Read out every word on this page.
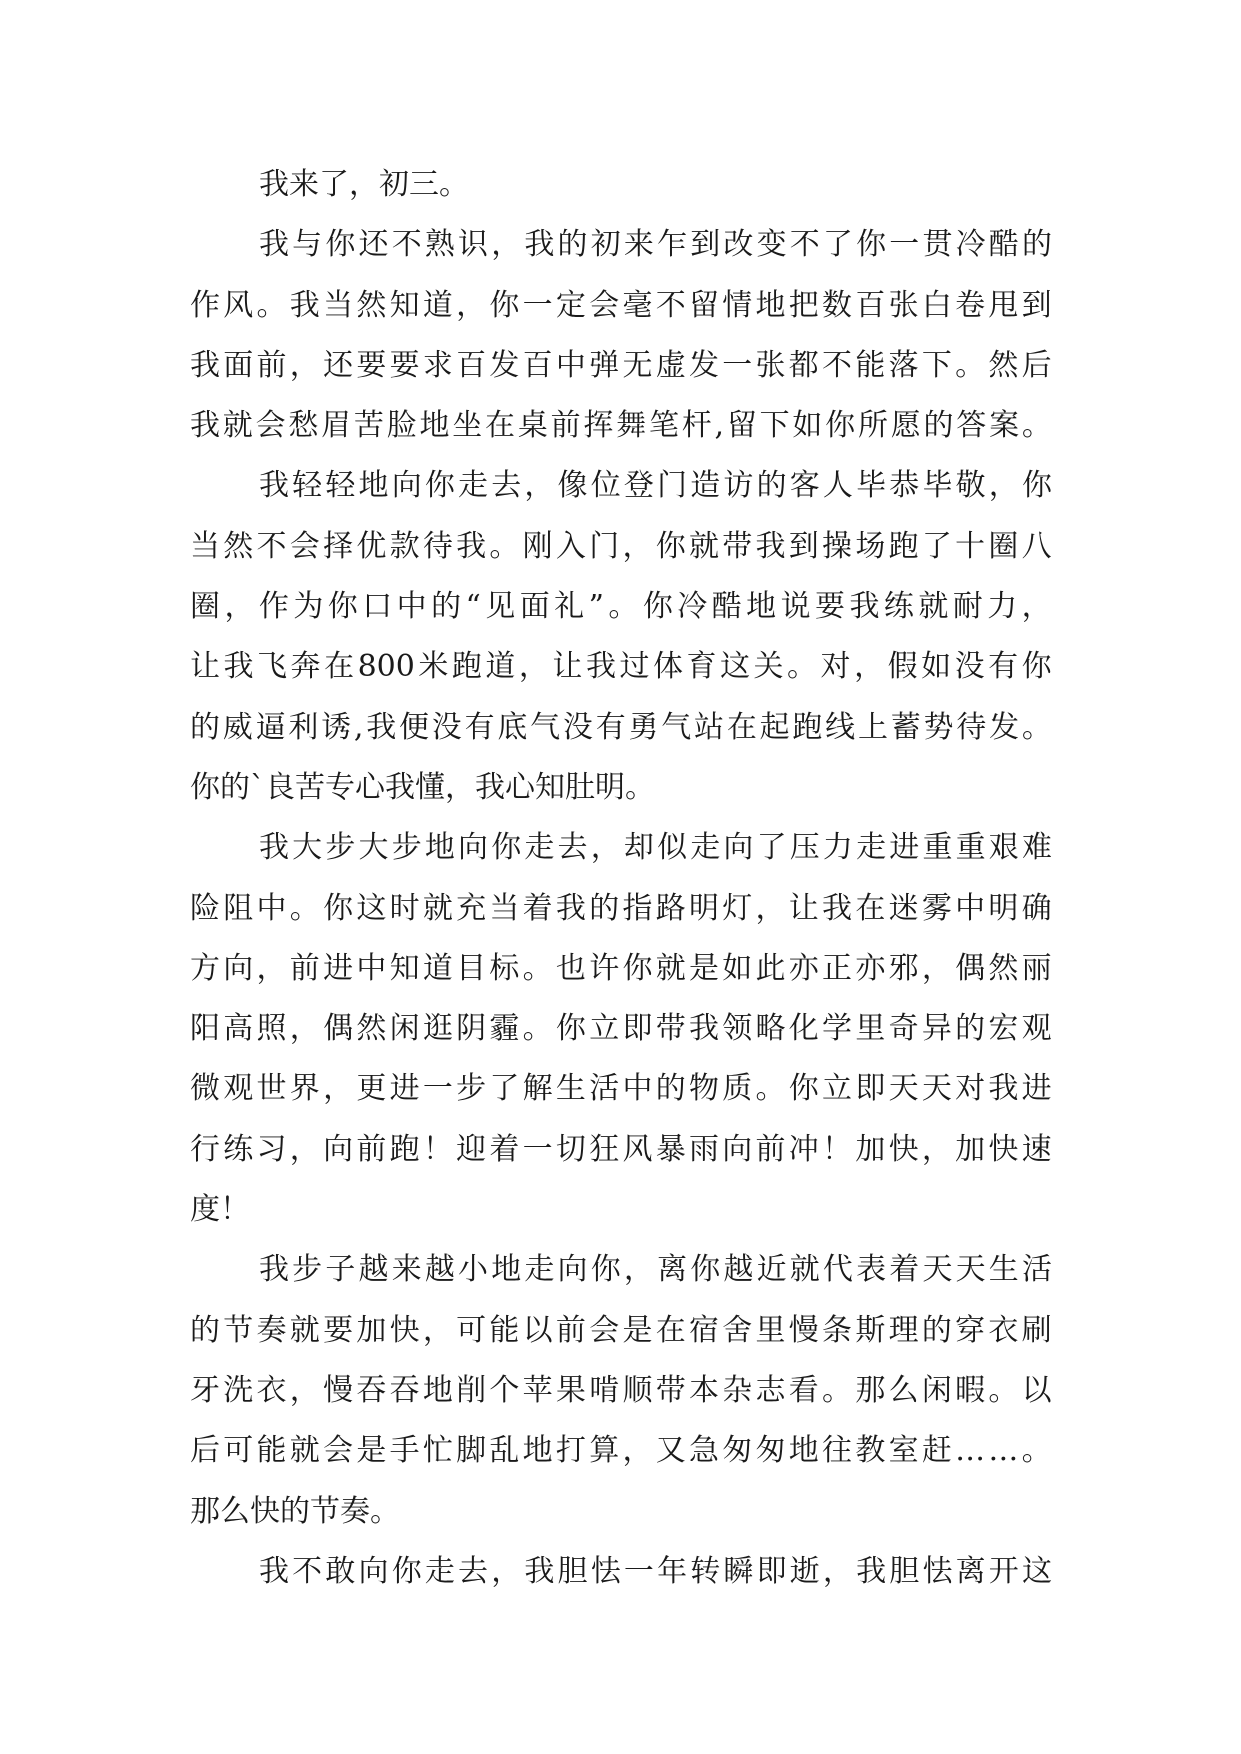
我来了，初三。
我 与 你 还 不 熟 识 ， 我 的 初 来 乍 到 改 变 不 了 你 一 贯 冷 酷 的
作 风 。 我 当 然 知 道 ， 你 一 定 会 毫 不 留 情 地 把 数 百 张 白 卷 甩 到
我 面 前 ， 还 要 要 求 百 发 百 中 弹 无 虚 发 一 张 都 不 能 落 下 。 然 后
我 就 会 愁 眉 苦 脸 地 坐 在 桌 前 挥 舞 笔 杆 , 留 下 如 你 所 愿 的 答 案 。
我 轻 轻 地 向 你 走 去 ， 像 位 登 门 造 访 的 客 人 毕 恭 毕 敬 ， 你
当 然 不 会 择 优 款 待 我 。 刚 入 门 ， 你 就 带 我 到 操 场 跑 了 十 圈 八
圈 ， 作 为 你 口 中 的 “ 见 面 礼 ” 。 你 冷 酷 地 说 要 我 练 就 耐 力 ，
让 我 飞 奔 在 800 米 跑 道 ， 让 我 过 体 育 这 关 。 对 ， 假 如 没 有 你
的 威 逼 利 诱 , 我 便 没 有 底 气 没 有 勇 气 站 在 起 跑 线 上 蓄 势 待 发 。
你的`良苦专心我懂，我心知肚明。
我 大 步 大 步 地 向 你 走 去 ， 却 似 走 向 了 压 力 走 进 重 重 艰 难
险 阻 中 。 你 这 时 就 充 当 着 我 的 指 路 明 灯 ， 让 我 在 迷 雾 中 明 确
方 向 ， 前 进 中 知 道 目 标 。 也 许 你 就 是 如 此 亦 正 亦 邪 ， 偶 然 丽
阳 高 照 ， 偶 然 闲 逛 阴 霾 。 你 立 即 带 我 领 略 化 学 里 奇 异 的 宏 观
微 观 世 界 ， 更 进 一 步 了 解 生 活 中 的 物 质 。 你 立 即 天 天 对 我 进
行 练 习 ， 向 前 跑 ！ 迎 着 一 切 狂 风 暴 雨 向 前 冲 ！ 加 快 ， 加 快 速
度！
我 步 子 越 来 越 小 地 走 向 你 ， 离 你 越 近 就 代 表 着 天 天 生 活
的 节 奏 就 要 加 快 ， 可 能 以 前 会 是 在 宿 舍 里 慢 条 斯 理 的 穿 衣 刷
牙 洗 衣 ， 慢 吞 吞 地 削 个 苹 果 啃 顺 带 本 杂 志 看 。 那 么 闲 暇 。 以
后 可 能 就 会 是 手 忙 脚 乱 地 打 算 ， 又 急 匆 匆 地 往 教 室 赶 … … 。
那么快的节奏。
我 不 敢 向 你 走 去 ， 我 胆 怯 一 年 转 瞬 即 逝 ， 我 胆 怯 离 开 这
